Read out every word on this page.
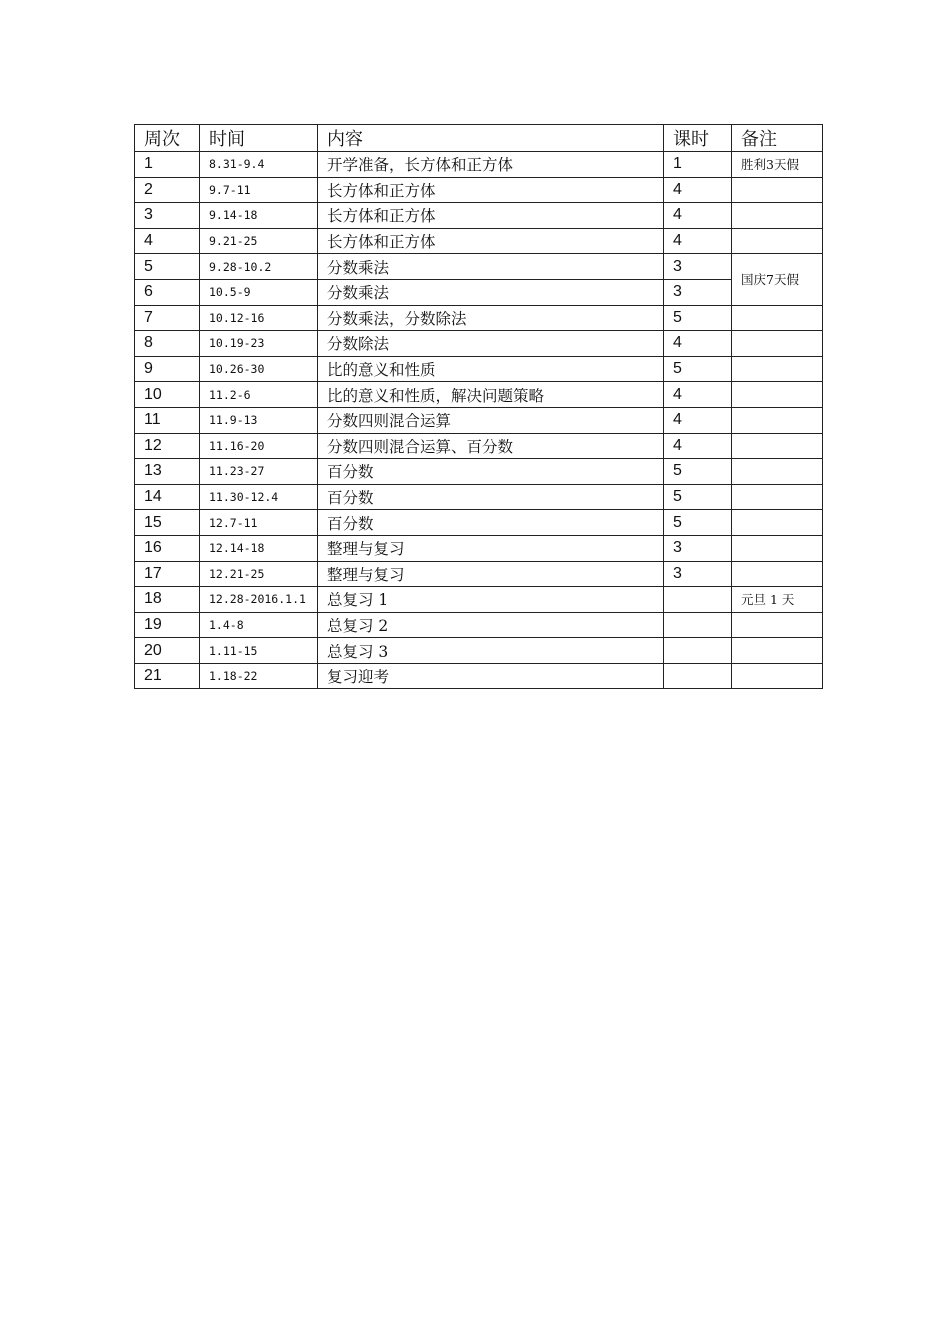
周次	时间	内容	课时	备注
1	8.31-9.4	开学准备，长方体和正方体	1	胜利3天假
2	9.7-11	长方体和正方体	4	
3	9.14-18	长方体和正方体	4	
4	9.21-25	长方体和正方体	4	
5	9.28-10.2	分数乘法	3	国庆7天假
6	10.5-9	分数乘法	3	
7	10.12-16	分数乘法，分数除法	5	
8	10.19-23	分数除法	4	
9	10.26-30	比的意义和性质	5	
10	11.2-6	比的意义和性质，解决问题策略	4	
11	11.9-13	分数四则混合运算	4	
12	11.16-20	分数四则混合运算、百分数	4	
13	11.23-27	百分数	5	
14	11.30-12.4	百分数	5	
15	12.7-11	百分数	5	
16	12.14-18	整理与复习	3	
17	12.21-25	整理与复习	3	
18	12.28-2016.1.1	总复习 1		元旦 1 天
19	1.4-8	总复习 2		
20	1.11-15	总复习 3		
21	1.18-22	复习迎考		
